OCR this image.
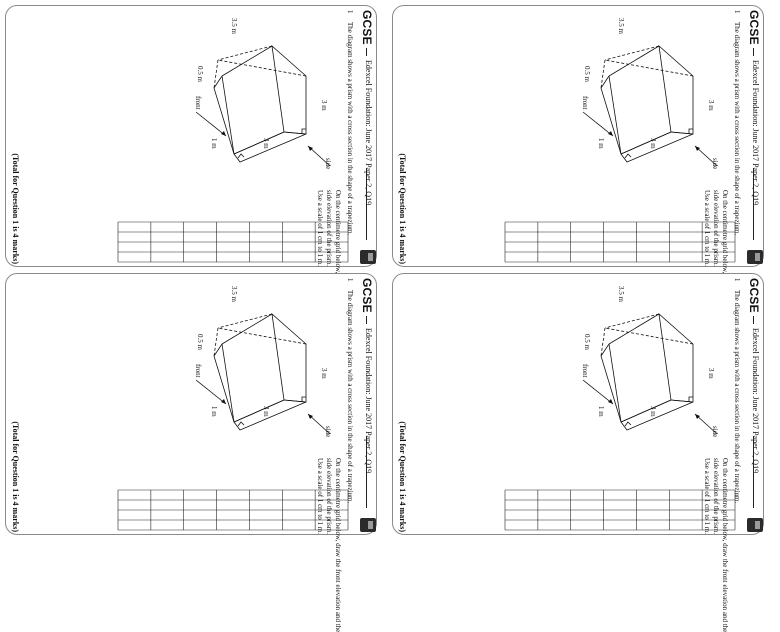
GCSE
Edexcel Foundation: June 2017 Paper 2, Q19
1
The diagram shows a prism with a cross section in the shape of a trapezium.
3 m
side
3 m
1 m
3.5 m
0.5 m
front
side elevation of the prism.
Use a scale of 1 cm to 1 m.
(Total for Question 1 is 4 marks)
GCSE
Edexcel Foundation: June 2017 Paper 2, Q19
1
The diagram shows a prism with a cross section in the shape of a trapezium.
3 m
side
3 m
1 m
3.5 m
0.5 m
front
side elevation of the prism.
Use a scale of 1 cm to 1 m.
(Total for Question 1 is 4 marks)
GCSE
Edexcel Foundation: June 2017 Paper 2, Q19
1
The diagram shows a prism with a cross section in the shape of a trapezium.
3 m
side
3 m
1 m
3.5 m
0.5 m
front
On the centimetre grid below, draw the front elevation and the
side elevation of the prism.
Use a scale of 1 cm to 1 m.
(Total for Question 1 is 4 marks)
GCSE
Edexcel Foundation: June 2017 Paper 2, Q19
1
The diagram shows a prism with a cross section in the shape of a trapezium.
3 m
side
3 m
1 m
3.5 m
0.5 m
front
On the centimetre grid below, draw the front elevation and the
side elevation of the prism.
Use a scale of 1 cm to 1 m.
(Total for Question 1 is 4 marks)
